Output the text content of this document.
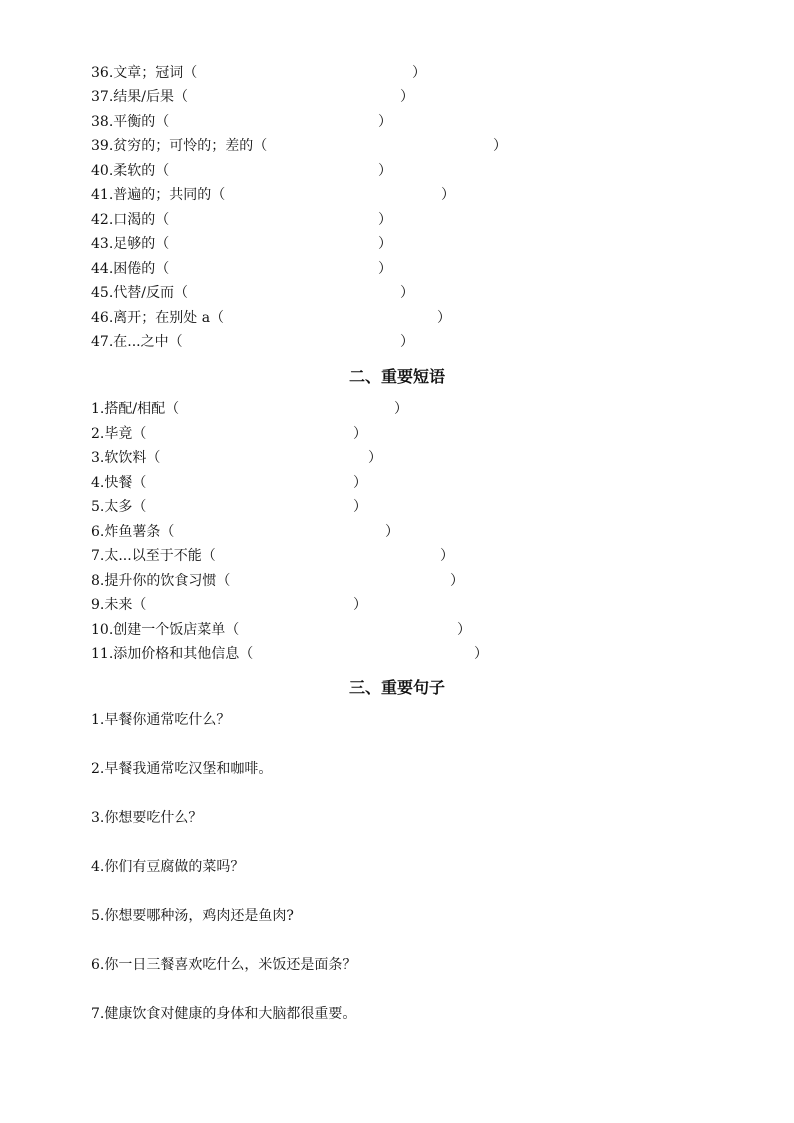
36.文章；冠词（	）
37.结果/后果（	）
38.平衡的（	）
39.贫穷的；可怜的；差的（	）
40.柔软的（	）
41.普遍的；共同的（	）
42.口渴的（	）
43.足够的（	）
44.困倦的（	）
45.代替/反而（	）
46.离开；在别处 a（	）
47.在...之中（	）
二、重要短语
1.搭配/相配（	）
2.毕竟（	）
3.软饮料（	）
4.快餐（	）
5.太多（	）
6.炸鱼薯条（	）
7.太...以至于不能（	）
8.提升你的饮食习惯（	）
9.未来（	）
10.创建一个饭店菜单（	）
11.添加价格和其他信息（	）
三、重要句子
1.早餐你通常吃什么？
2.早餐我通常吃汉堡和咖啡。
3.你想要吃什么？
4.你们有豆腐做的菜吗？
5.你想要哪种汤，鸡肉还是鱼肉?
6.你一日三餐喜欢吃什么，米饭还是面条？
7.健康饮食对健康的身体和大脑都很重要。
